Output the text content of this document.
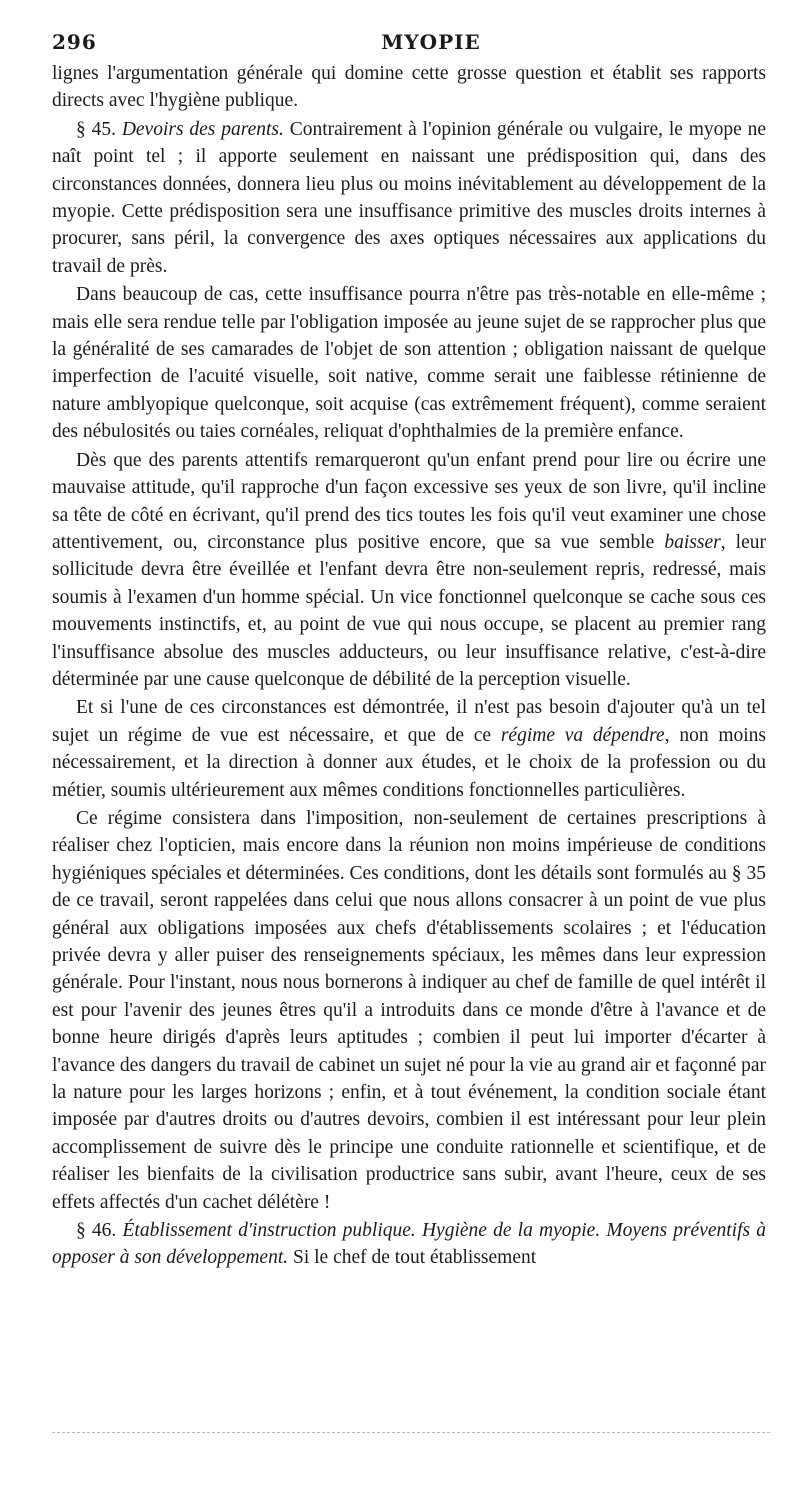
296	MYOPIE

lignes l'argumentation générale qui domine cette grosse question et établit ses rapports directs avec l'hygiène publique.

§ 45. Devoirs des parents. Contrairement à l'opinion générale ou vulgaire, le myope ne naît point tel ; il apporte seulement en naissant une prédisposition qui, dans des circonstances données, donnera lieu plus ou moins inévitablement au développement de la myopie. Cette prédisposition sera une insuffisance primitive des muscles droits internes à procurer, sans péril, la convergence des axes optiques nécessaires aux applications du travail de près.

Dans beaucoup de cas, cette insuffisance pourra n'être pas très-notable en elle-même ; mais elle sera rendue telle par l'obligation imposée au jeune sujet de se rapprocher plus que la généralité de ses camarades de l'objet de son attention ; obligation naissant de quelque imperfection de l'acuité visuelle, soit native, comme serait une faiblesse rétinienne de nature amblyopique quelconque, soit acquise (cas extrêmement fréquent), comme seraient des nébulosités ou taies cornéales, reliquat d'ophthalmies de la première enfance.

Dès que des parents attentifs remarqueront qu'un enfant prend pour lire ou écrire une mauvaise attitude, qu'il rapproche d'un façon excessive ses yeux de son livre, qu'il incline sa tête de côté en écrivant, qu'il prend des tics toutes les fois qu'il veut examiner une chose attentivement, ou, circonstance plus positive encore, que sa vue semble baisser, leur sollicitude devra être éveillée et l'enfant devra être non-seulement repris, redressé, mais soumis à l'examen d'un homme spécial. Un vice fonctionnel quelconque se cache sous ces mouvements instinctifs, et, au point de vue qui nous occupe, se placent au premier rang l'insuffisance absolue des muscles adducteurs, ou leur insuffisance relative, c'est-à-dire déterminée par une cause quelconque de débilité de la perception visuelle.

Et si l'une de ces circonstances est démontrée, il n'est pas besoin d'ajouter qu'à un tel sujet un régime de vue est nécessaire, et que de ce régime va dépendre, non moins nécessairement, et la direction à donner aux études, et le choix de la profession ou du métier, soumis ultérieurement aux mêmes conditions fonctionnelles particulières.

Ce régime consistera dans l'imposition, non-seulement de certaines prescriptions à réaliser chez l'opticien, mais encore dans la réunion non moins impérieuse de conditions hygiéniques spéciales et déterminées. Ces conditions, dont les détails sont formulés au § 35 de ce travail, seront rappelées dans celui que nous allons consacrer à un point de vue plus général aux obligations imposées aux chefs d'établissements scolaires ; et l'éducation privée devra y aller puiser des renseignements spéciaux, les mêmes dans leur expression générale. Pour l'instant, nous nous bornerons à indiquer au chef de famille de quel intérêt il est pour l'avenir des jeunes êtres qu'il a introduits dans ce monde d'être à l'avance et de bonne heure dirigés d'après leurs aptitudes ; combien il peut lui importer d'écarter à l'avance des dangers du travail de cabinet un sujet né pour la vie au grand air et façonné par la nature pour les larges horizons ; enfin, et à tout événement, la condition sociale étant imposée par d'autres droits ou d'autres devoirs, combien il est intéressant pour leur plein accomplissement de suivre dès le principe une conduite rationnelle et scientifique, et de réaliser les bienfaits de la civilisation productrice sans subir, avant l'heure, ceux de ses effets affectés d'un cachet délétère !

§ 46. Établissement d'instruction publique. Hygiène de la myopie. Moyens préventifs à opposer à son développement. Si le chef de tout établissement
